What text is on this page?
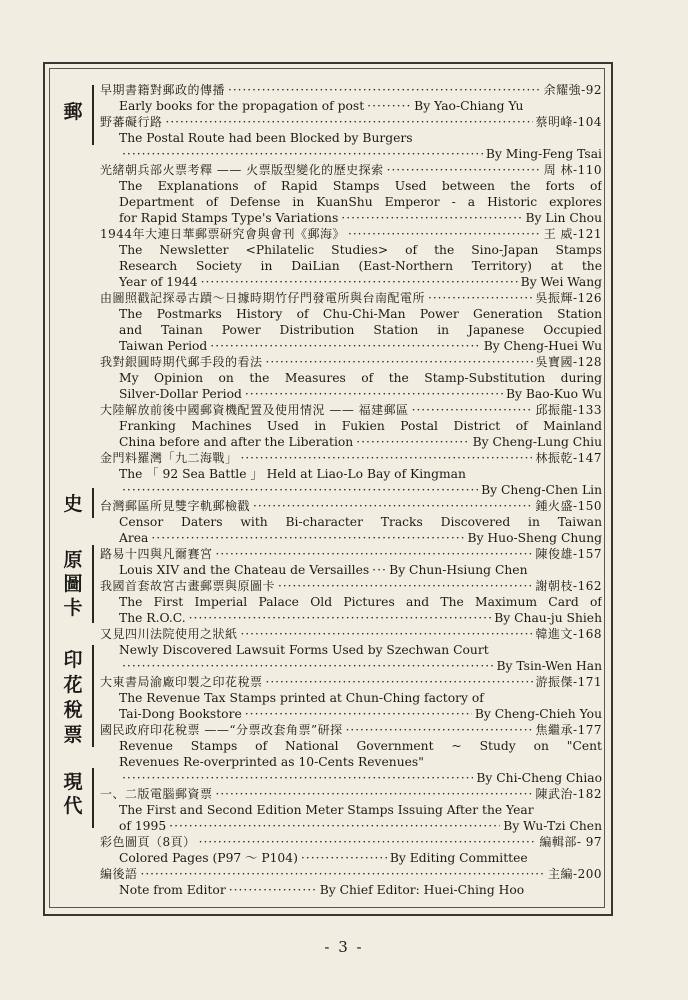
郵
史
原圖卡
印花稅票
現代
早期書籍對郵政的傳播 ·····	余耀強-92
Early books for the propagation of post ·····	By Yao-Chiang Yu
野蕃礙行路 ·····	蔡明峰-104
The Postal Route had been Blocked by Burgers
·····
By Ming-Feng Tsai
光緒朝兵部火票考釋 —— 火票版型變化的歷史探索 ·····	周 林-110
The Explanations of Rapid Stamps Used between the forts of
Department of Defense in KuanShu Emperor - a Historic explores
for Rapid Stamps Type's Variations ·····	By Lin Chou
1944年大連日華郵票研究會與會刊《郵海》 ·····	王 威-121
The Newsletter <Philatelic Studies> of the Sino-Japan Stamps
Research Society in DaiLian (East-Northern Territory) at the
Year of 1944 ·····	By Wei Wang
由圖照戳記探尋古蹟～日據時期竹仔門發電所與台南配電所 ·····	吳振輝-126
The Postmarks History of Chu-Chi-Man Power Generation Station
and Tainan Power Distribution Station in Japanese Occupied
Taiwan Period ·····	By Cheng-Huei Wu
我對銀圓時期代郵手段的看法 ·····	吳寶國-128
My Opinion on the Measures of the Stamp-Substitution during
Silver-Dollar Period ·····	By Bao-Kuo Wu
大陸解放前後中國郵資機配置及使用情況 —— 福建郵區 ·····	邱振龍-133
Franking Machines Used in Fukien Postal District of Mainland
China before and after the Liberation ·····	By Cheng-Lung Chiu
金門料羅灣「九二海戰」 ·····	林振乾-147
The 「 92 Sea Battle 」 Held at Liao-Lo Bay of Kingman
·····
By Cheng-Chen Lin
台灣郵區所見雙字軌郵檢戳 ·····	鍾火盛-150
Censor Daters with Bi-character Tracks Discovered in Taiwan
Area ·····	By Huo-Sheng Chung
路易十四與凡爾賽宮 ·····	陳俊雄-157
Louis XIV and the Chateau de Versailles ····· By Chun-Hsiung Chen
我國首套故宮古畫郵票與原圖卡 ·····	謝朝枝-162
The First Imperial Palace Old Pictures and The Maximum Card of
The R.O.C. ·····	By Chau-ju Shieh
又見四川法院使用之狀紙 ·····	韓進文-168
Newly Discovered Lawsuit Forms Used by Szechwan Court
·····
By Tsin-Wen Han
大東書局渝廠印製之印花稅票 ·····	游振傑-171
The Revenue Tax Stamps printed at Chun-Ching factory of
Tai-Dong Bookstore ·····	By Cheng-Chieh You
國民政府印花稅票 ——“分票改套角票”研探 ·····	焦繼承-177
Revenue Stamps of National Government ~ Study on "Cent
Revenues Re-overprinted as 10-Cents Revenues"
·····
By Chi-Cheng Chiao
一、二版電腦郵資票 ·····	陳武治-182
The First and Second Edition Meter Stamps Issuing After the Year
of 1995 ·····	By Wu-Tzi Chen
彩色圖頁（8頁） ·····	編輯部- 97
Colored Pages (P97 ～ P104) ·····	By Editing Committee
編後語 ·····	主編-200
Note from Editor ·····	By Chief Editor: Huei-Ching Hoo
- 3 -
